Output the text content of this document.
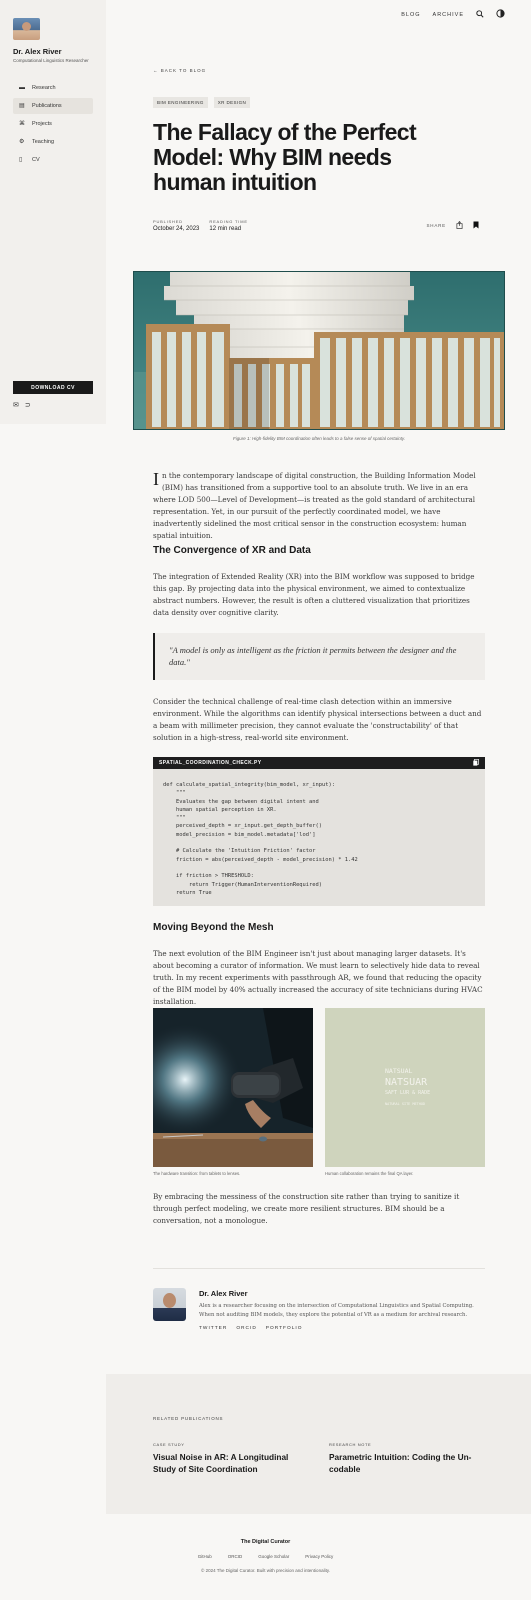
Dr. Alex River
Computational Linguistics Researcher
▬ Research
▤ Publications
⌘ Projects
⚙ Teaching
▯	CV
DOWNLOAD CV
✉ ⊃
BLOG ARCHIVE
← BACK TO BLOG
BIM ENGINEERING	XR DESIGN
The Fallacy of the Perfect Model: Why BIM needs human intuition
PUBLISHED
October 24, 2023
READING TIME
12 min read
SHARE
Figure 1: High-fidelity BIM coordination often leads to a false sense of spatial certainty.
I n the contemporary landscape of digital construction, the Building Information Model (BIM) has transitioned from a supportive tool to an absolute truth. We live in an era where LOD 500—Level of Development—is treated as the gold standard of architectural representation. Yet, in our pursuit of the perfectly coordinated model, we have inadvertently sidelined the most critical sensor in the construction ecosystem: human spatial intuition.
The Convergence of XR and Data

The integration of Extended Reality (XR) into the BIM workflow was supposed to bridge this gap. By projecting data into the physical environment, we aimed to contextualize abstract numbers. However, the result is often a cluttered visualization that prioritizes data density over cognitive clarity.

"A model is only as intelligent as the friction it permits between the designer and the data."

Consider the technical challenge of real-time clash detection within an immersive environment. While the algorithms can identify physical intersections between a duct and a beam with millimeter precision, they cannot evaluate the 'constructability' of that solution in a high-stress, real-world site environment.

SPATIAL_COORDINATION_CHECK.PY
def calculate_spatial_integrity(bim_model, xr_input):
"""
Evaluates the gap between digital intent and
human spatial perception in XR.
"""
perceived_depth = xr_input.get_depth_buffer()
model_precision = bim_model.metadata['lod']

# Calculate the 'Intuition Friction' factor
friction = abs(perceived_depth - model_precision) * 1.42

if friction > THRESHOLD:
return Trigger(HumanInterventionRequired)
return True
Moving Beyond the Mesh

The next evolution of the BIM Engineer isn't just about managing larger datasets. It's about becoming a curator of information. We must learn to selectively hide data to reveal truth. In my recent experiments with passthrough AR, we found that reducing the opacity of the BIM model by 40% actually increased the accuracy of site technicians during HVAC installation.

NATSUAL
NATSUAR
SAFT LUR & RADE
NATURAL SITE METHOD
The hardware transition: from tablets to lenses.	Human collaboration remains the final QA layer.

By embracing the messiness of the construction site rather than trying to sanitize it through perfect modeling, we create more resilient structures. BIM should be a conversation, not a monologue.

Dr. Alex River
Alex is a researcher focusing on the intersection of Computational Linguistics and Spatial Computing. When not auditing BIM models, they explore the potential of VR as a medium for archival research.
TWITTER ORCID PORTFOLIO
RELATED PUBLICATIONS
CASE STUDY
Visual Noise in AR: A Longitudinal Study of Site Coordination
RESEARCH NOTE
Parametric Intuition: Coding the Un-codable
The Digital Curator
GitHub	ORCID	Google Scholar	Privacy Policy
© 2024 The Digital Curator. Built with precision and intentionality.
